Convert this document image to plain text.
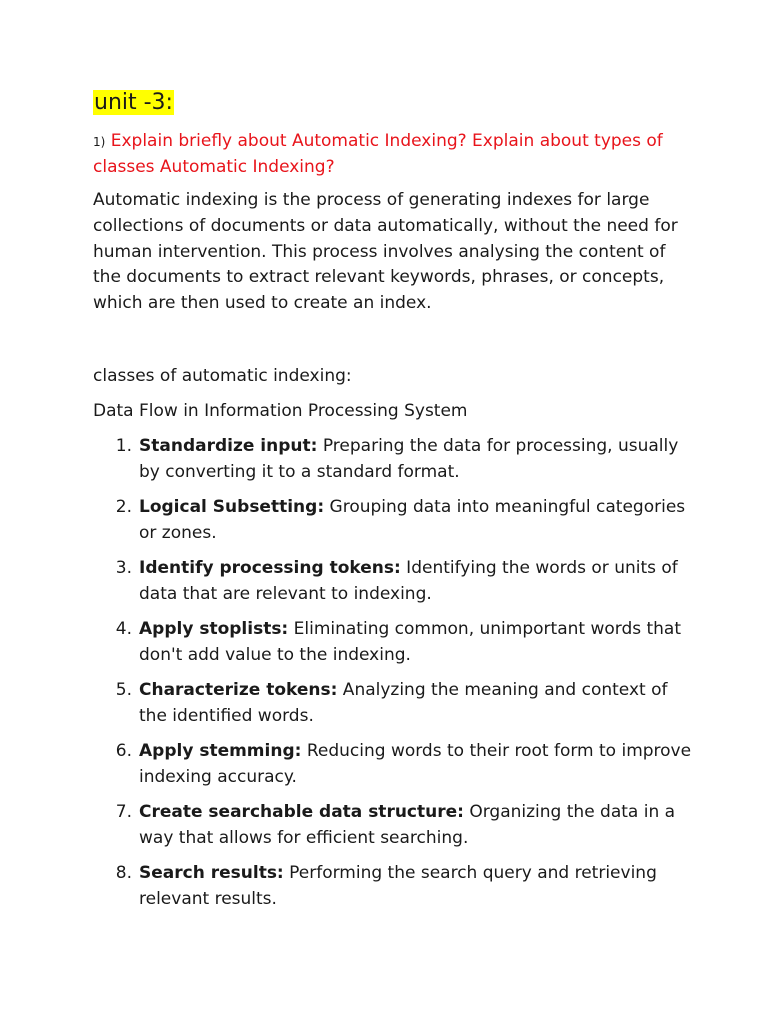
unit -3:
1) Explain briefly about Automatic Indexing? Explain about types of classes Automatic Indexing?
Automatic indexing is the process of generating indexes for large collections of documents or data automatically, without the need for human intervention. This process involves analysing the content of the documents to extract relevant keywords, phrases, or concepts, which are then used to create an index.
classes of automatic indexing:
Data Flow in Information Processing System
1. Standardize input: Preparing the data for processing, usually by converting it to a standard format.
2. Logical Subsetting: Grouping data into meaningful categories or zones.
3. Identify processing tokens: Identifying the words or units of data that are relevant to indexing.
4. Apply stoplists: Eliminating common, unimportant words that don't add value to the indexing.
5. Characterize tokens: Analyzing the meaning and context of the identified words.
6. Apply stemming: Reducing words to their root form to improve indexing accuracy.
7. Create searchable data structure: Organizing the data in a way that allows for efficient searching.
8. Search results: Performing the search query and retrieving relevant results.
